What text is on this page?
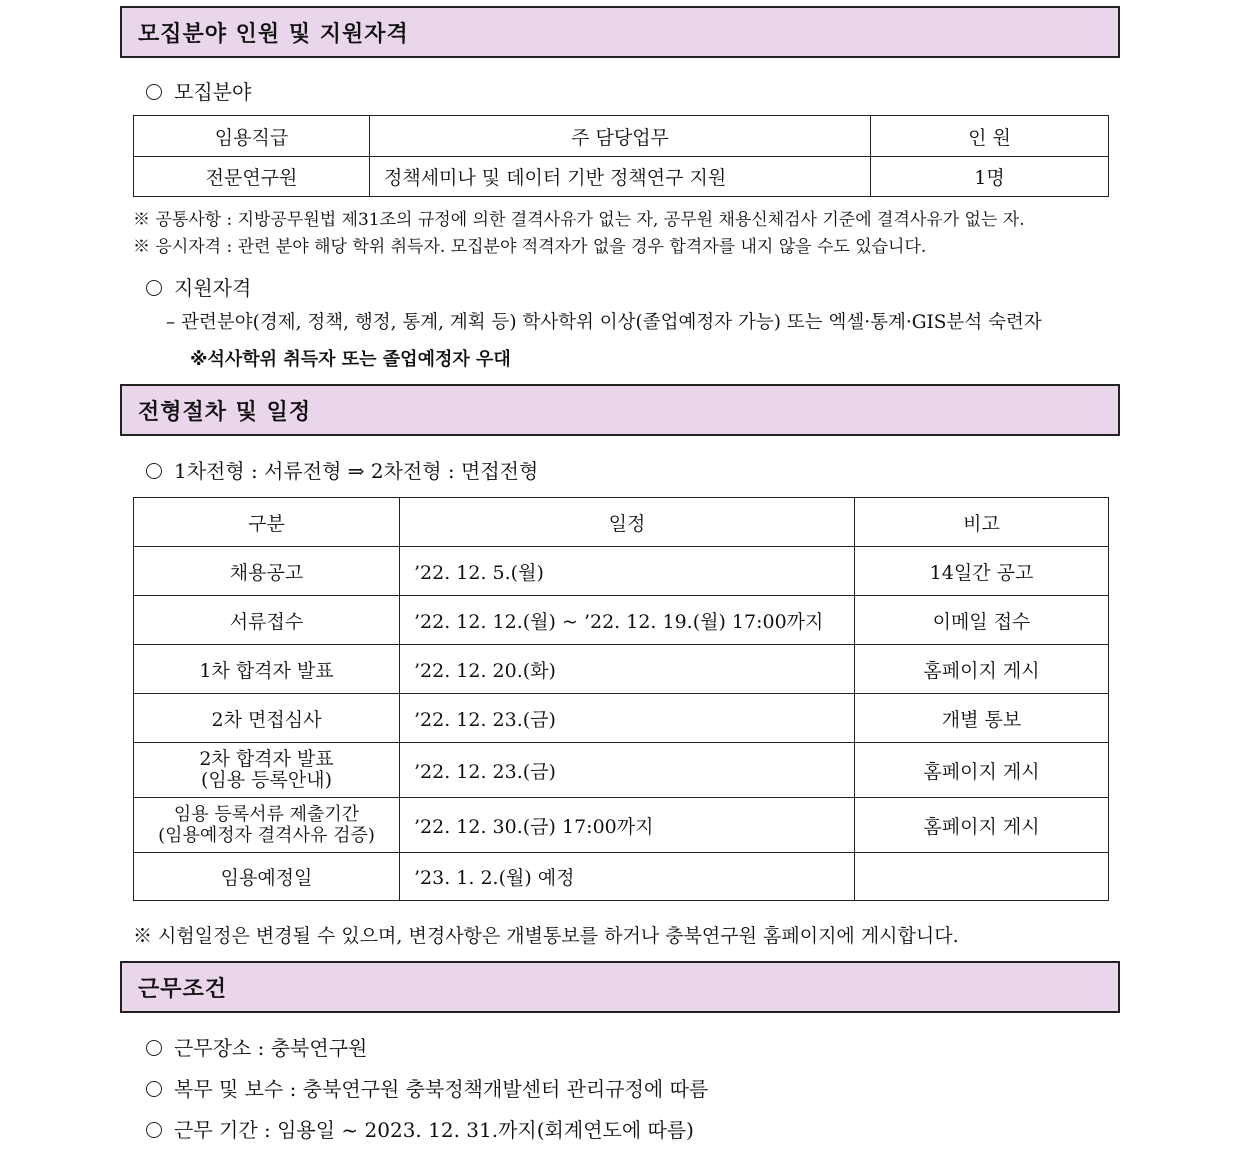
모집분야 인원 및 지원자격
모집분야
임용직급	주 담당업무	인 원
전문연구원	정책세미나 및 데이터 기반 정책연구 지원	1명
※ 공통사항 : 지방공무원법 제31조의 규정에 의한 결격사유가 없는 자, 공무원 채용신체검사 기준에 결격사유가 없는 자.
※ 응시자격 : 관련 분야 해당 학위 취득자. 모집분야 적격자가 없을 경우 합격자를 내지 않을 수도 있습니다.
지원자격
– 관련분야(경제, 정책, 행정, 통계, 계획 등) 학사학위 이상(졸업예정자 가능) 또는 엑셀·통계·GIS분석 숙련자
※석사학위 취득자 또는 졸업예정자 우대
전형절차 및 일정
1차전형 : 서류전형 ⇒ 2차전형 : 면접전형
구분	일정	비고
채용공고	’22. 12. 5.(월)	14일간 공고
서류접수	’22. 12. 12.(월) ~ ’22. 12. 19.(월) 17:00까지	이메일 접수
1차 합격자 발표	’22. 12. 20.(화)	홈페이지 게시
2차 면접심사	’22. 12. 23.(금)	개별 통보
2차 합격자 발표
(임용 등록안내)	’22. 12. 23.(금)	홈페이지 게시
임용 등록서류 제출기간
(임용예정자 결격사유 검증)	’22. 12. 30.(금) 17:00까지	홈페이지 게시
임용예정일	’23. 1. 2.(월) 예정	
※ 시험일정은 변경될 수 있으며, 변경사항은 개별통보를 하거나 충북연구원 홈페이지에 게시합니다.
근무조건
근무장소 : 충북연구원
복무 및 보수 : 충북연구원 충북정책개발센터 관리규정에 따름
근무 기간 : 임용일 ~ 2023. 12. 31.까지(회계연도에 따름)
